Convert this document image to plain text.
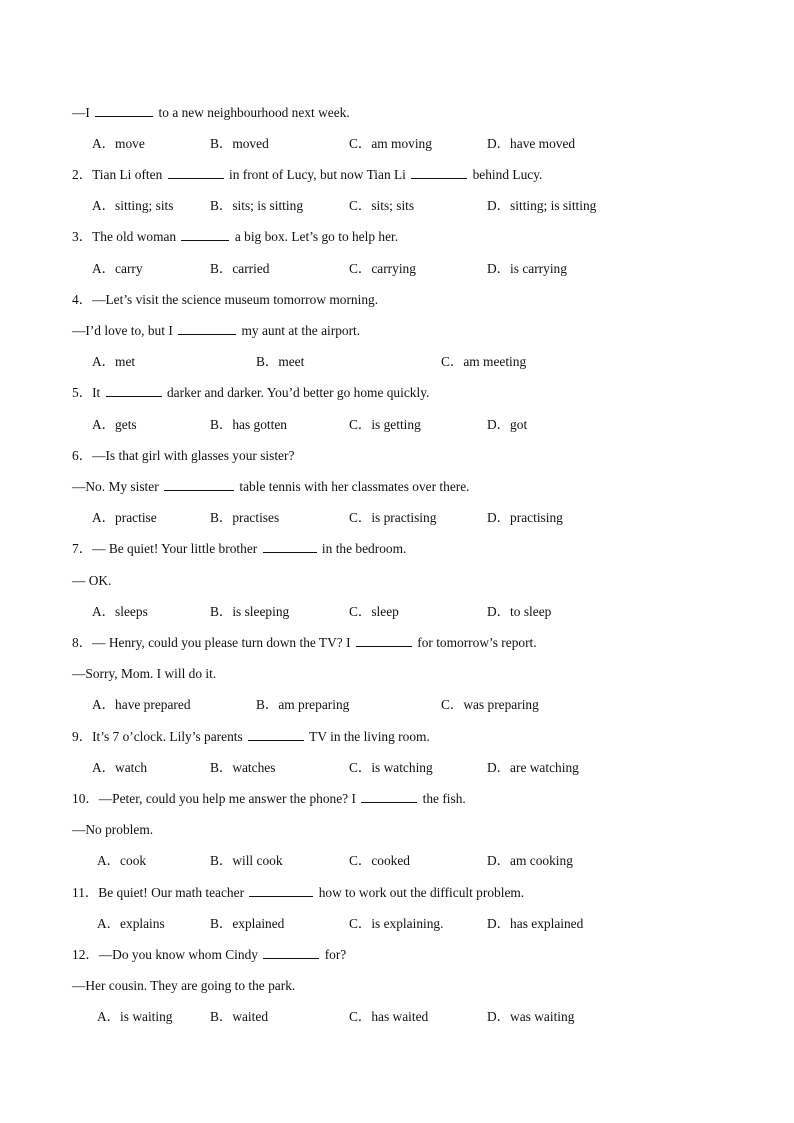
—I	to a new neighbourhood next week.
A．move	B．moved	C．am moving	D．have moved
2．Tian Li often	in front of Lucy, but now Tian Li	behind Lucy.
A．sitting; sits	B．sits; is sitting	C．sits; sits	D．sitting; is sitting
3．The old woman	a big box. Let’s go to help her.
A．carry	B．carried	C．carrying	D．is carrying
4．—Let’s visit the science museum tomorrow morning.
—I’d love to, but I	my aunt at the airport.
A．met	B．meet	C．am meeting
5．It	darker and darker. You’d better go home quickly.
A．gets	B．has gotten	C．is getting	D．got
6．—Is that girl with glasses your sister?
—No. My sister	table tennis with her classmates over there.
A．practise	B．practises	C．is practising	D．practising
7．— Be quiet! Your little brother	in the bedroom.
— OK.
A．sleeps	B．is sleeping	C．sleep	D．to sleep
8．— Henry, could you please turn down the TV? I	for tomorrow’s report.
—Sorry, Mom. I will do it.
A．have prepared	B．am preparing	C．was preparing
9．It’s 7 o’clock. Lily’s parents	TV in the living room.
A．watch	B．watches	C．is watching	D．are watching
10．—Peter, could you help me answer the phone? I	the fish.
—No problem.
A．cook	B．will cook	C．cooked	D．am cooking
11．Be quiet! Our math teacher	how to work out the difficult problem.
A．explains	B．explained	C．is explaining.	D．has explained
12．—Do you know whom Cindy	for?
—Her cousin. They are going to the park.
A．is waiting	B．waited	C．has waited	D．was waiting
